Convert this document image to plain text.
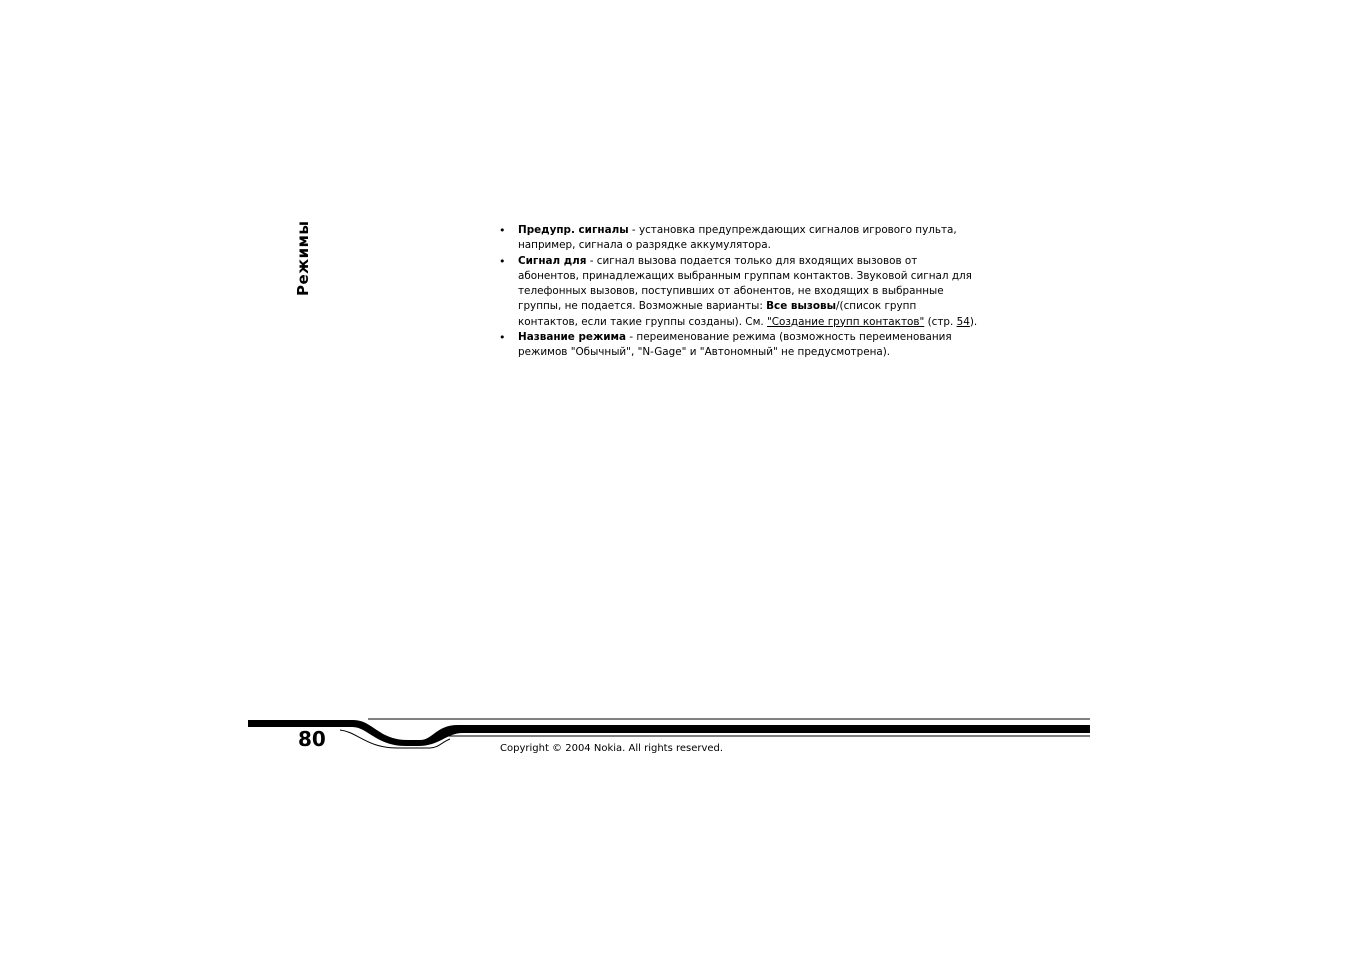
Режимы	• Предупр. сигналы - установка предупреждающих сигналов игрового пульта, например, сигнала о разрядке аккумулятора.
• Сигнал для - сигнал вызова подается только для входящих вызовов от абонентов, принадлежащих выбранным группам контактов. Звуковой сигнал для телефонных вызовов, поступивших от абонентов, не входящих в выбранные группы, не подается. Возможные варианты: Все вызовы/(список групп контактов, если такие группы созданы). См. "Создание групп контактов" (стр. 54).
• Название режима - переименование режима (возможность переименования режимов "Обычный", "N-Gage" и "Автономный" не предусмотрена).
80	Copyright © 2004 Nokia. All rights reserved.
